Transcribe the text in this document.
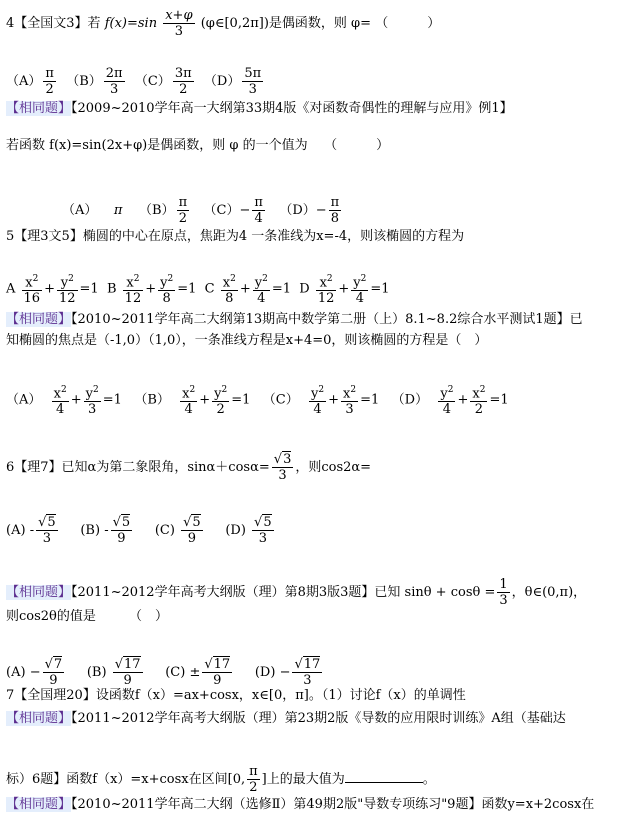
4【全国文3】若 $f(x)=\sin \frac{x+\varphi}{3}$ (φ∈[0,2π])是偶函数，则 φ= （　　　）
$(A) \frac{\pi}{2} (B) \frac{2\pi}{3} (C) \frac{3\pi}{2} (D) \frac{5\pi}{3}$
【相同题】【2009~2010学年高一大纲第33期4版《对函数奇偶性的理解与应用》例1】
若函数 f(x)=sin(2x+φ)是偶函数，则 φ 的一个值为 （　　　）
（A） π $(B) \frac{\pi}{2} (C)- \frac{\pi}{4} (D)- \frac{\pi}{8}$
5【理3文5】椭圆的中心在原点，焦距为4 一条准线为x=-4，则该椭圆的方程为
A $\frac{x^2}{16} + \frac{y^2}{12} =1$ B $\frac{x^2}{12} + \frac{y^2}{8} =1$ C $\frac{x^2}{8} + \frac{y^2}{4} =1$ D $\frac{x^2}{12} + \frac{y^2}{4} =1$
【相同题】【2010~2011学年高二大纲第13期高中数学第二册（上）8.1~8.2综合水平测试1题】已
知椭圆的焦点是（-1,0）（1,0），一条准线方程是x+4=0，则该椭圆的方程是（　）
$(A) \frac{x^2}{4} + \frac{y^2}{3} =1$ $(B) \frac{x^2}{4} + \frac{y^2}{2} =1$ $(C) \frac{y^2}{4} + \frac{x^2}{3} =1$ $(D) \frac{y^2}{4} + \frac{x^2}{2} =1$
6【理7】已知α为第二象限角，$\sin\alpha+\cos\alpha= \frac{√3}{3}$ ，则cos2α=
$(A) - \frac{√5}{3} (B) - \frac{√5}{9} (C) \frac{√5}{9} (D) \frac{√5}{3}$
【相同题】【2011~2012学年高考大纲版（理）第8期3版3题】已知 $\sin\theta + \cos\theta = \frac{1}{3}$ ，θ∈(0,π)，
则cos2θ的值是	（　）
$(A) - \frac{√7}{9} (B) \frac{√17}{9} (C) \pm \frac{√17}{9} (D) - \frac{√17}{3}$
7【全国理20】设函数f（x）=ax+cosx，x∈[0，π]。（1）讨论f（x）的单调性
【相同题】【2011~2012学年高考大纲版（理）第23期2版《导数的应用限时训练》A组（基础达
标）6题】函数f（x）=x+cosx在区间[0, $\frac{\pi}{2}$ ]上的最大值为	。
【相同题】【2010~2011学年高二大纲（选修Ⅱ）第49期2版"导数专项练习"9题】函数y=x+2cosx在
